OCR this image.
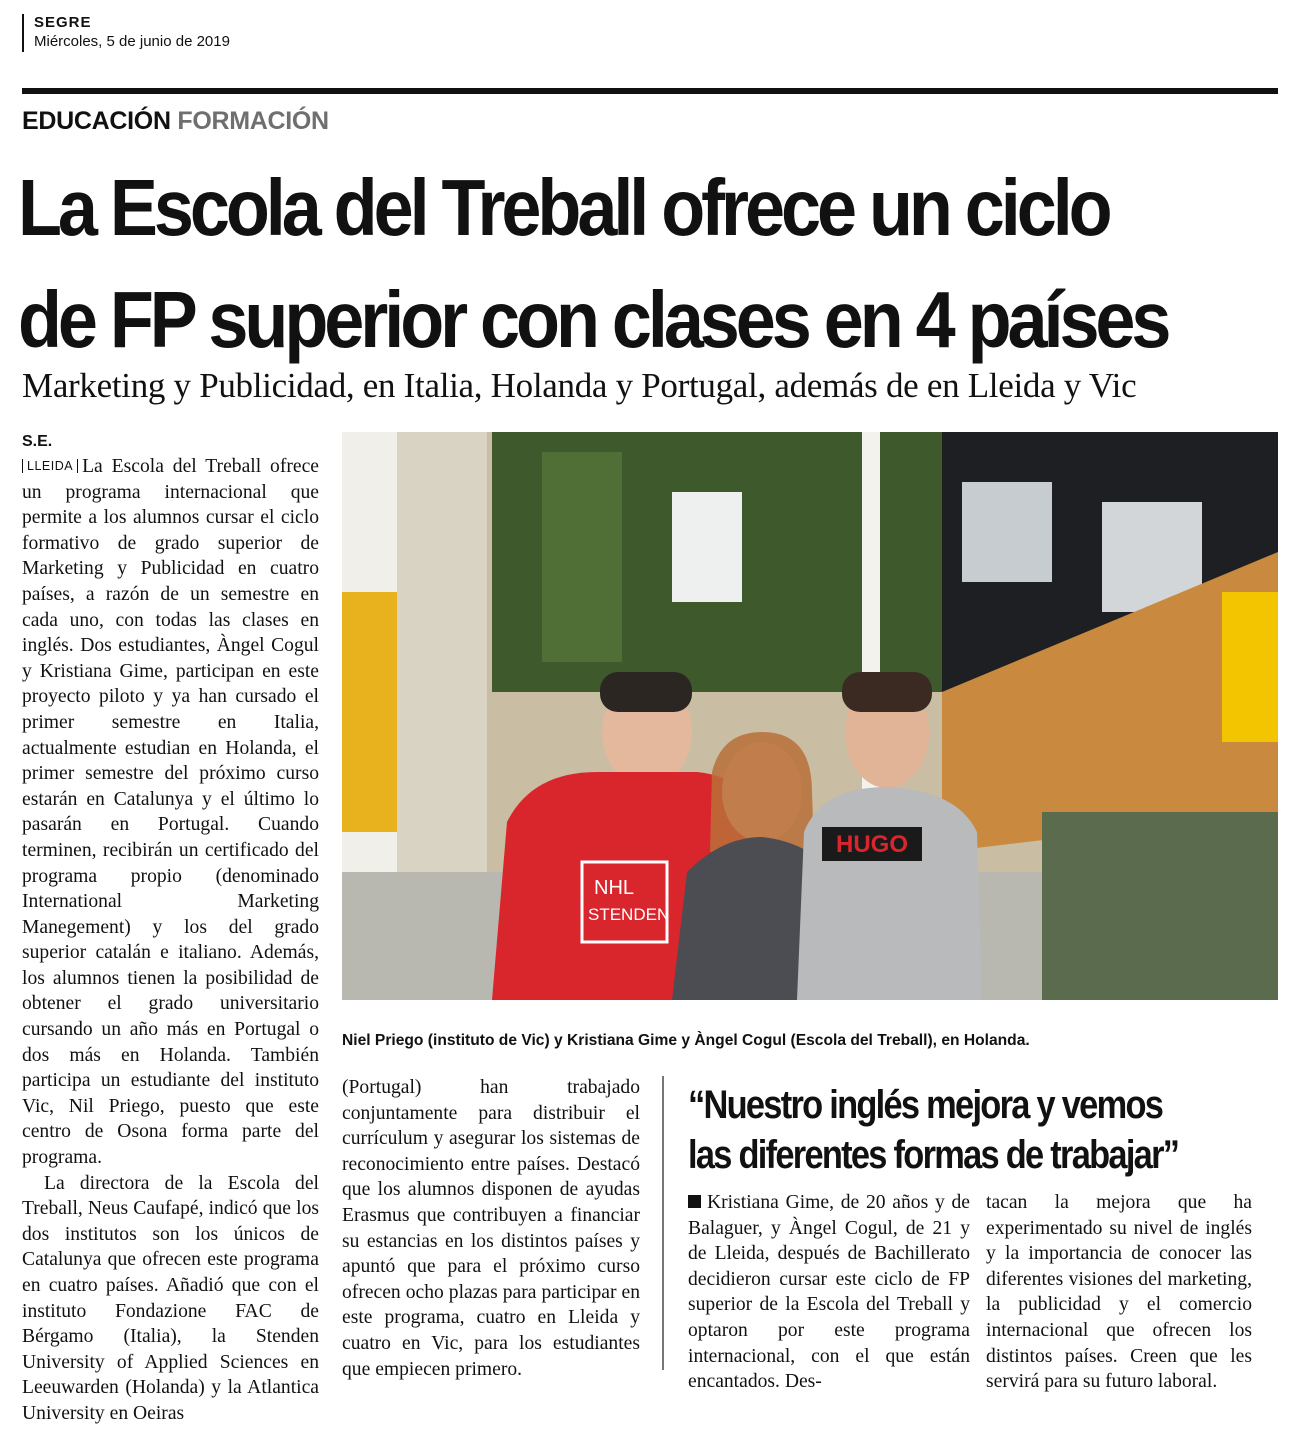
SEGRE
Miércoles, 5 de junio de 2019
EDUCACIÓN FORMACIÓN
La Escola del Treball ofrece un ciclo
de FP superior con clases en 4 países
Marketing y Publicidad, en Italia, Holanda y Portugal, además de en Lleida y Vic
S.E.

LLEIDA La Escola del Treball ofrece un programa internacional que permite a los alumnos cursar el ciclo formativo de grado superior de Marketing y Publicidad en cuatro países, a razón de un semestre en cada uno, con todas las clases en inglés. Dos estudiantes, Àngel Cogul y Kristiana Gime, participan en este proyecto piloto y ya han cursado el primer semestre en Italia, actualmente estudian en Holanda, el primer semestre del próximo curso estarán en Catalunya y el último lo pasarán en Portugal. Cuando terminen, recibirán un certificado del programa propio (denominado International Marketing Manegement) y los del grado superior catalán e italiano. Además, los alumnos tienen la posibilidad de obtener el grado universitario cursando un año más en Portugal o dos más en Holanda. También participa un estudiante del instituto Vic, Nil Priego, puesto que este centro de Osona forma parte del programa.

La directora de la Escola del Treball, Neus Caufapé, indicó que los dos institutos son los únicos de Catalunya que ofrecen este programa en cuatro países. Añadió que con el instituto Fondazione FAC de Bérgamo (Italia), la Stenden University of Applied Sciences en Leeuwarden (Holanda) y la Atlantica University en Oeiras

NHL
STENDEN
HUGO
Niel Priego (instituto de Vic) y Kristiana Gime y Àngel Cogul (Escola del Treball), en Holanda.

(Portugal) han trabajado conjuntamente para distribuir el currículum y asegurar los sistemas de reconocimiento entre países. Destacó que los alumnos disponen de ayudas Erasmus que contribuyen a financiar su estancias en los distintos países y apuntó que para el próximo curso ofrecen ocho plazas para participar en este programa, cuatro en Lleida y cuatro en Vic, para los estudiantes que empiecen primero.

“Nuestro inglés mejora y vemos
las diferentes formas de trabajar”

Kristiana Gime, de 20 años y de Balaguer, y Àngel Cogul, de 21 y de Lleida, después de Bachillerato decidieron cursar este ciclo de FP superior de la Escola del Treball y optaron por este programa internacional, con el que están encantados. Des-

tacan la mejora que ha experimentado su nivel de inglés y la importancia de conocer las diferentes visiones del marketing, la publicidad y el comercio internacional que ofrecen los distintos países. Creen que les servirá para su futuro laboral.
